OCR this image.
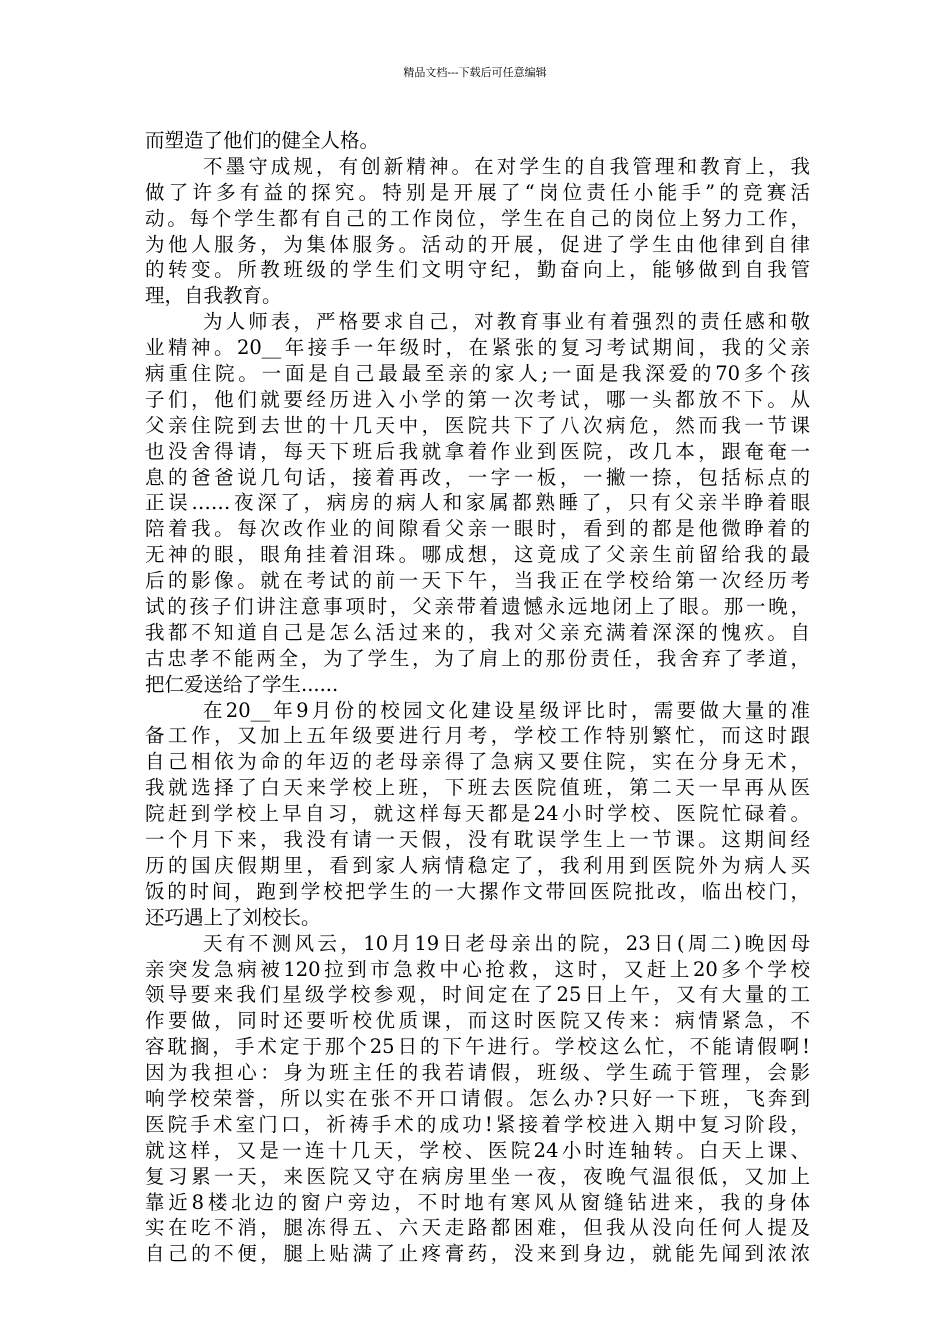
精品文档---下载后可任意编辑
而塑造了他们的健全人格。
不墨守成规，有创新精神。在对学生的自我管理和教育上，我
做了许多有益的探究。特别是开展了“岗位责任小能手”的竞赛活
动。每个学生都有自己的工作岗位，学生在自己的岗位上努力工作，
为他人服务，为集体服务。活动的开展，促进了学生由他律到自律
的转变。所教班级的学生们文明守纪，勤奋向上，能够做到自我管
理，自我教育。
为人师表，严格要求自己，对教育事业有着强烈的责任感和敬
业精神。20__年接手一年级时，在紧张的复习考试期间，我的父亲
病重住院。一面是自己最最至亲的家人;一面是我深爱的70多个孩
子们，他们就要经历进入小学的第一次考试，哪一头都放不下。从
父亲住院到去世的十几天中，医院共下了八次病危，然而我一节课
也没舍得请，每天下班后我就拿着作业到医院，改几本，跟奄奄一
息的爸爸说几句话，接着再改，一字一板，一撇一捺，包括标点的
正误……夜深了，病房的病人和家属都熟睡了，只有父亲半睁着眼
陪着我。每次改作业的间隙看父亲一眼时，看到的都是他微睁着的
无神的眼，眼角挂着泪珠。哪成想，这竟成了父亲生前留给我的最
后的影像。就在考试的前一天下午，当我正在学校给第一次经历考
试的孩子们讲注意事项时，父亲带着遗憾永远地闭上了眼。那一晚，
我都不知道自己是怎么活过来的，我对父亲充满着深深的愧疚。自
古忠孝不能两全，为了学生，为了肩上的那份责任，我舍弃了孝道，
把仁爱送给了学生......
在20__年9月份的校园文化建设星级评比时，需要做大量的准
备工作，又加上五年级要进行月考，学校工作特别繁忙，而这时跟
自己相依为命的年迈的老母亲得了急病又要住院，实在分身无术，
我就选择了白天来学校上班，下班去医院值班，第二天一早再从医
院赶到学校上早自习，就这样每天都是24小时学校、医院忙碌着。
一个月下来，我没有请一天假，没有耽误学生上一节课。这期间经
历的国庆假期里，看到家人病情稳定了，我利用到医院外为病人买
饭的时间，跑到学校把学生的一大摞作文带回医院批改，临出校门，
还巧遇上了刘校长。
天有不测风云，10月19日老母亲出的院，23日(周二)晚因母
亲突发急病被120拉到市急救中心抢救，这时，又赶上20多个学校
领导要来我们星级学校参观，时间定在了25日上午，又有大量的工
作要做，同时还要听校优质课，而这时医院又传来：病情紧急，不
容耽搁，手术定于那个25日的下午进行。学校这么忙，不能请假啊!
因为我担心：身为班主任的我若请假，班级、学生疏于管理，会影
响学校荣誉，所以实在张不开口请假。怎么办?只好一下班，飞奔到
医院手术室门口，祈祷手术的成功!紧接着学校进入期中复习阶段，
就这样，又是一连十几天，学校、医院24小时连轴转。白天上课、
复习累一天，来医院又守在病房里坐一夜，夜晚气温很低，又加上
靠近8楼北边的窗户旁边，不时地有寒风从窗缝钻进来，我的身体
实在吃不消，腿冻得五、六天走路都困难，但我从没向任何人提及
自己的不便，腿上贴满了止疼膏药，没来到身边，就能先闻到浓浓
